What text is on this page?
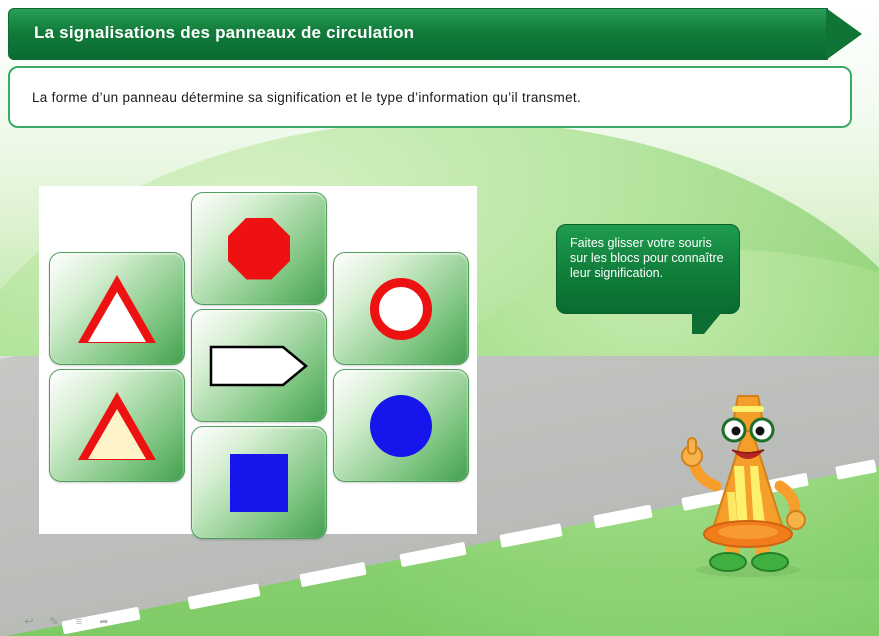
La signalisations des panneaux de circulation
La forme d’un panneau détermine sa signification et le type d’information qu’il transmet.
Faites glisser votre souris sur les blocs pour connaître leur signification.
↩ ✎	≡	➦
